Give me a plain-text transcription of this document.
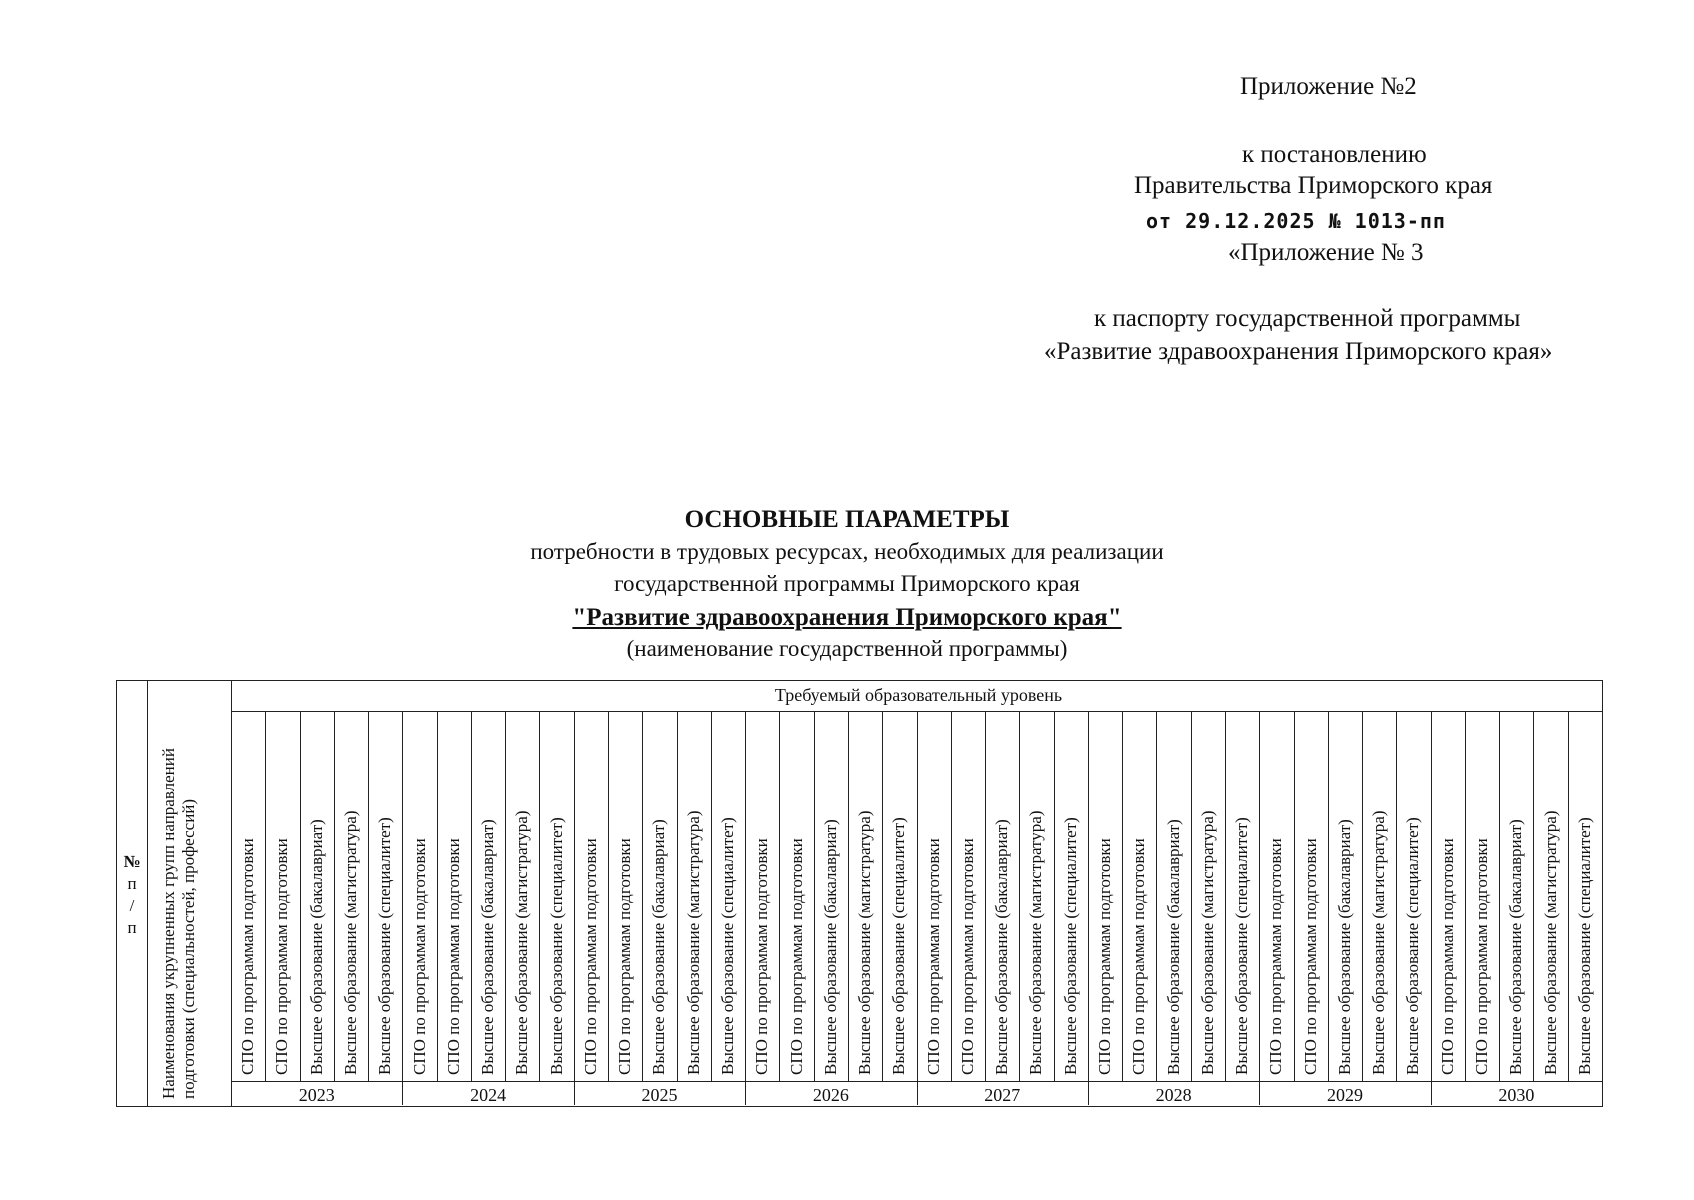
Приложение №2
к постановлению
Правительства Приморского края
от 29.12.2025 № 1013-пп
«Приложение № 3
к паспорту государственной программы
«Развитие здравоохранения Приморского края»
ОСНОВНЫЕ ПАРАМЕТРЫ
потребности в трудовых ресурсах, необходимых для реализации
государственной программы Приморского края
"Развитие здравоохранения Приморского края"
(наименование государственной программы)
№
п
/
п	Наименования укрупненных групп направлений подготовки (специальностей, профессий)
Требуемый образовательный уровень
СПО по программам подготовки СПО по программам подготовки Высшее образование (бакалавриат) Высшее образование (магистратура) Высшее образование (специалитет)
2023
СПО по программам подготовки СПО по программам подготовки Высшее образование (бакалавриат) Высшее образование (магистратура) Высшее образование (специалитет)
2024
СПО по программам подготовки СПО по программам подготовки Высшее образование (бакалавриат) Высшее образование (магистратура) Высшее образование (специалитет)
2025
СПО по программам подготовки СПО по программам подготовки Высшее образование (бакалавриат) Высшее образование (магистратура) Высшее образование (специалитет)
2026
СПО по программам подготовки СПО по программам подготовки Высшее образование (бакалавриат) Высшее образование (магистратура) Высшее образование (специалитет)
2027
СПО по программам подготовки СПО по программам подготовки Высшее образование (бакалавриат) Высшее образование (магистратура) Высшее образование (специалитет)
2028
СПО по программам подготовки СПО по программам подготовки Высшее образование (бакалавриат) Высшее образование (магистратура) Высшее образование (специалитет)
2029
СПО по программам подготовки СПО по программам подготовки Высшее образование (бакалавриат) Высшее образование (магистратура) Высшее образование (специалитет)
2030
